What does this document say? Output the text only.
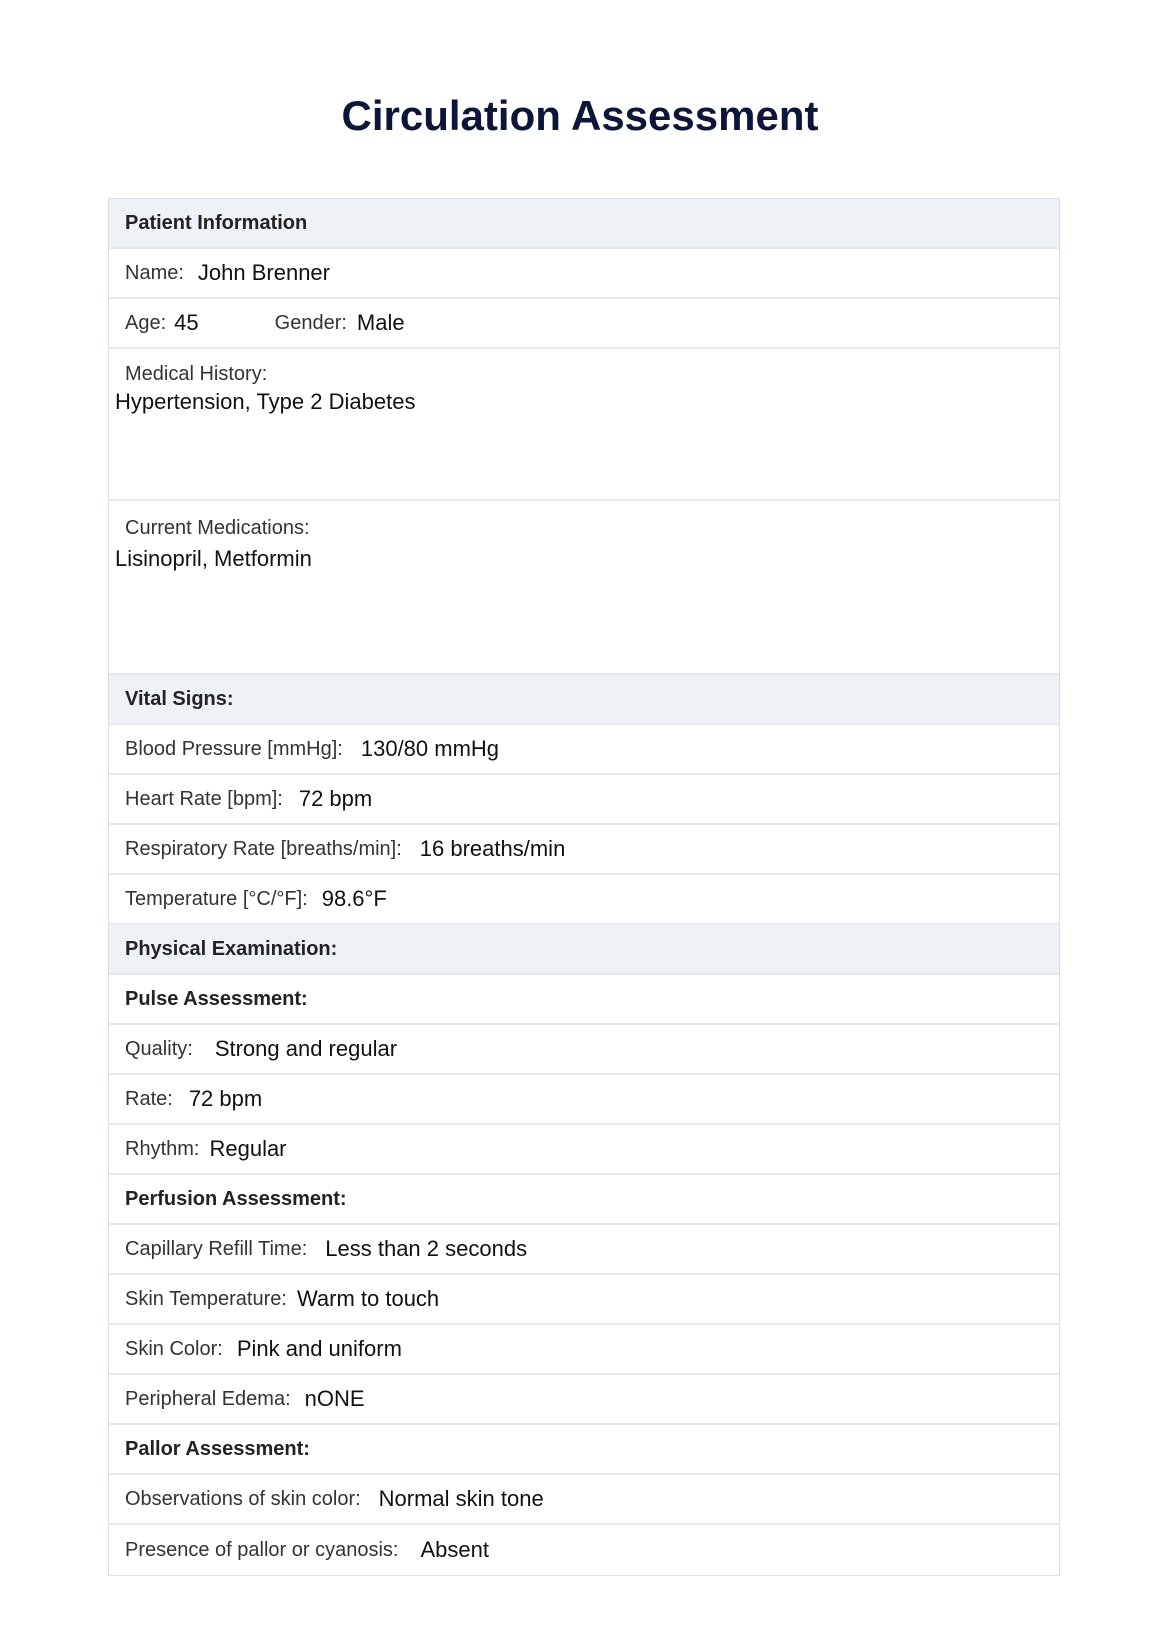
Circulation Assessment
Patient Information
Name: John Brenner
Age: 45	Gender: Male
Medical History:
Hypertension, Type 2 Diabetes
Current Medications:
Lisinopril, Metformin
Vital Signs:
Blood Pressure [mmHg]: 130/80 mmHg
Heart Rate [bpm]: 72 bpm
Respiratory Rate [breaths/min]: 16 breaths/min
Temperature [°C/°F]: 98.6°F
Physical Examination:
Pulse Assessment:
Quality: Strong and regular
Rate: 72 bpm
Rhythm: Regular
Perfusion Assessment:
Capillary Refill Time: Less than 2 seconds
Skin Temperature: Warm to touch
Skin Color: Pink and uniform
Peripheral Edema: nONE
Pallor Assessment:
Observations of skin color: Normal skin tone
Presence of pallor or cyanosis: Absent
